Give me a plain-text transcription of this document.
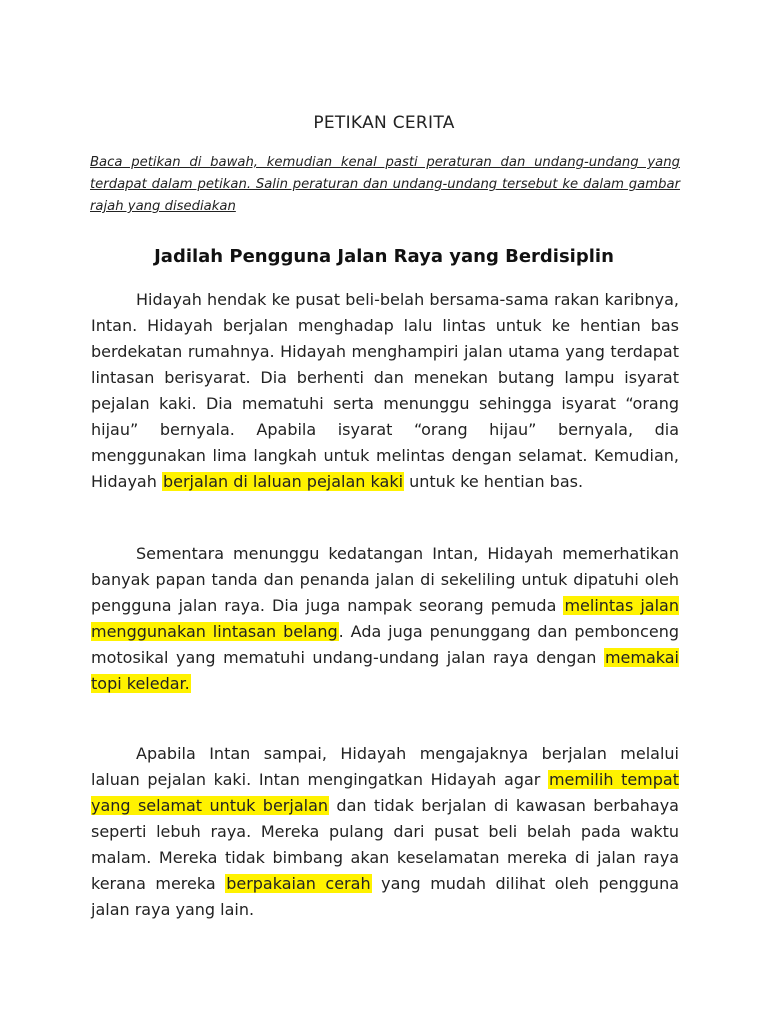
PETIKAN CERITA
Baca petikan di bawah, kemudian kenal pasti peraturan dan undang-undang yang terdapat dalam petikan. Salin peraturan dan undang-undang tersebut ke dalam gambar rajah yang disediakan
Jadilah Pengguna Jalan Raya yang Berdisiplin

Hidayah hendak ke pusat beli-belah bersama-sama rakan karibnya, Intan. Hidayah berjalan menghadap lalu lintas untuk ke hentian bas berdekatan rumahnya. Hidayah menghampiri jalan utama yang terdapat lintasan berisyarat. Dia berhenti dan menekan butang lampu isyarat pejalan kaki. Dia mematuhi serta menunggu sehingga isyarat “orang hijau” bernyala. Apabila isyarat “orang hijau” bernyala, dia menggunakan lima langkah untuk melintas dengan selamat. Kemudian, Hidayah berjalan di laluan pejalan kaki untuk ke hentian bas.

Sementara menunggu kedatangan Intan, Hidayah memerhatikan banyak papan tanda dan penanda jalan di sekeliling untuk dipatuhi oleh pengguna jalan raya. Dia juga nampak seorang pemuda melintas jalan menggunakan lintasan belang. Ada juga penunggang dan pembonceng motosikal yang mematuhi undang-undang jalan raya dengan memakai topi keledar.

Apabila Intan sampai, Hidayah mengajaknya berjalan melalui laluan pejalan kaki. Intan mengingatkan Hidayah agar memilih tempat yang selamat untuk berjalan dan tidak berjalan di kawasan berbahaya seperti lebuh raya. Mereka pulang dari pusat beli belah pada waktu malam. Mereka tidak bimbang akan keselamatan mereka di jalan raya kerana mereka berpakaian cerah yang mudah dilihat oleh pengguna jalan raya yang lain.
